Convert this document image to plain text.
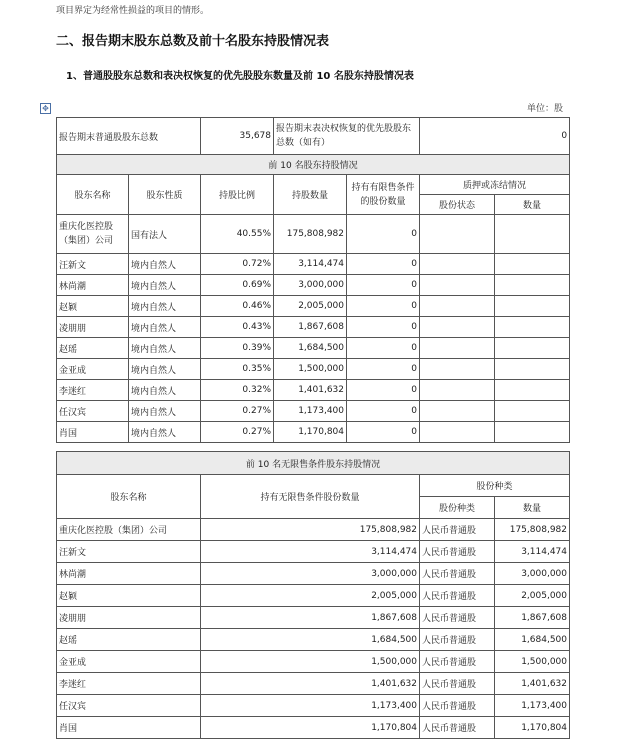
项目界定为经常性损益的项目的情形。
二、报告期末股东总数及前十名股东持股情况表
1、普通股股东总数和表决权恢复的优先股股东数量及前 10 名股东持股情况表
✥	单位：股
报告期末普通股股东总数		35,678	报告期末表决权恢复的优先股股东总数（如有）		0	
前 10 名股东持股情况						
股东名称	股东性质	持股比例	持股数量	持有有限售条件的股份数量	质押或冻结情况	
					股份状态	数量
重庆化医控股（集团）公司	国有法人	40.55%	175,808,982	0		
汪新文	境内自然人	0.72%	3,114,474	0		
林尚潮	境内自然人	0.69%	3,000,000	0		
赵颖	境内自然人	0.46%	2,005,000	0		
凌朋朋	境内自然人	0.43%	1,867,608	0		
赵瑶	境内自然人	0.39%	1,684,500	0		
金亚成	境内自然人	0.35%	1,500,000	0		
李迷红	境内自然人	0.32%	1,401,632	0		
任汉宾	境内自然人	0.27%	1,173,400	0		
肖国	境内自然人	0.27%	1,170,804	0		
前 10 名无限售条件股东持股情况			
股东名称	持有无限售条件股份数量	股份种类	
		股份种类	数量
重庆化医控股（集团）公司	175,808,982	人民币普通股	175,808,982
汪新文	3,114,474	人民币普通股	3,114,474
林尚潮	3,000,000	人民币普通股	3,000,000
赵颖	2,005,000	人民币普通股	2,005,000
凌朋朋	1,867,608	人民币普通股	1,867,608
赵瑶	1,684,500	人民币普通股	1,684,500
金亚成	1,500,000	人民币普通股	1,500,000
李迷红	1,401,632	人民币普通股	1,401,632
任汉宾	1,173,400	人民币普通股	1,173,400
肖国	1,170,804	人民币普通股	1,170,804
